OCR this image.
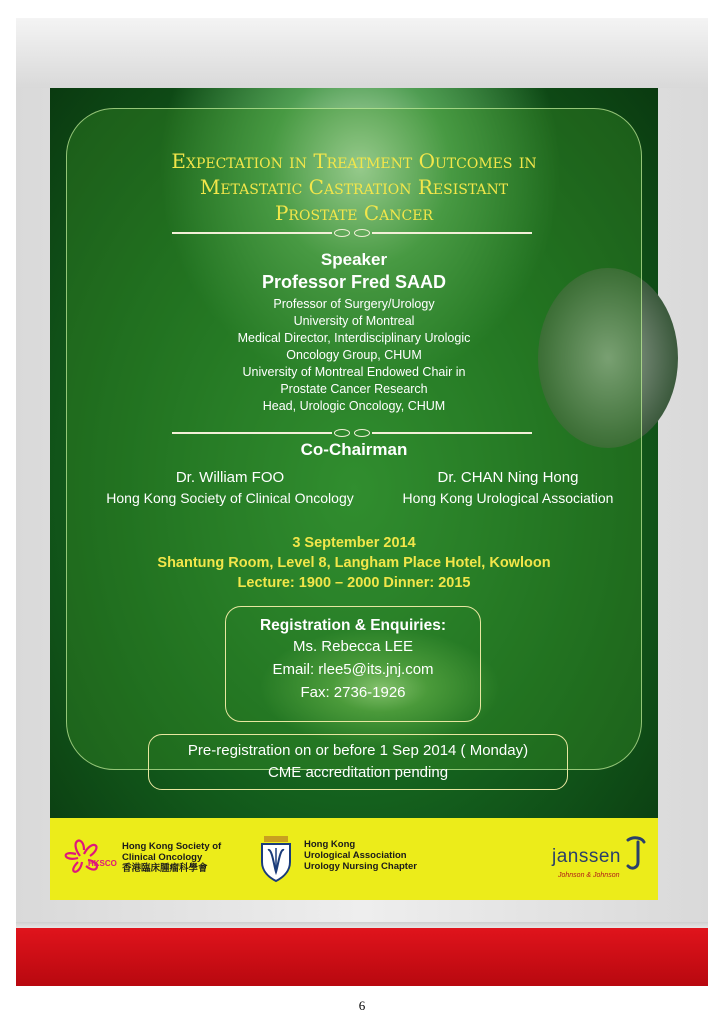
Expectation in Treatment Outcomes in
Metastatic Castration Resistant
Prostate Cancer
Speaker
Professor Fred SAAD
Professor of Surgery/Urology
University of Montreal
Medical Director, Interdisciplinary Urologic
Oncology Group, CHUM
University of Montreal Endowed Chair in
Prostate Cancer Research
Head, Urologic Oncology, CHUM
Co-Chairman
Dr. William FOO
Hong Kong Society of Clinical Oncology
Dr. CHAN Ning Hong
Hong Kong Urological Association
3 September 2014
Shantung Room, Level 8, Langham Place Hotel, Kowloon
Lecture: 1900 – 2000 Dinner: 2015
Registration & Enquiries:
Ms. Rebecca LEE
Email: rlee5@its.jnj.com
Fax: 2736-1926
Pre-registration on or before 1 Sep 2014 ( Monday)
CME accreditation pending
HKSCO
Hong Kong Society of
Clinical Oncology
香港臨床腫瘤科學會
Hong Kong
Urological Association
Urology Nursing Chapter	janssen
Johnson & Johnson
6
